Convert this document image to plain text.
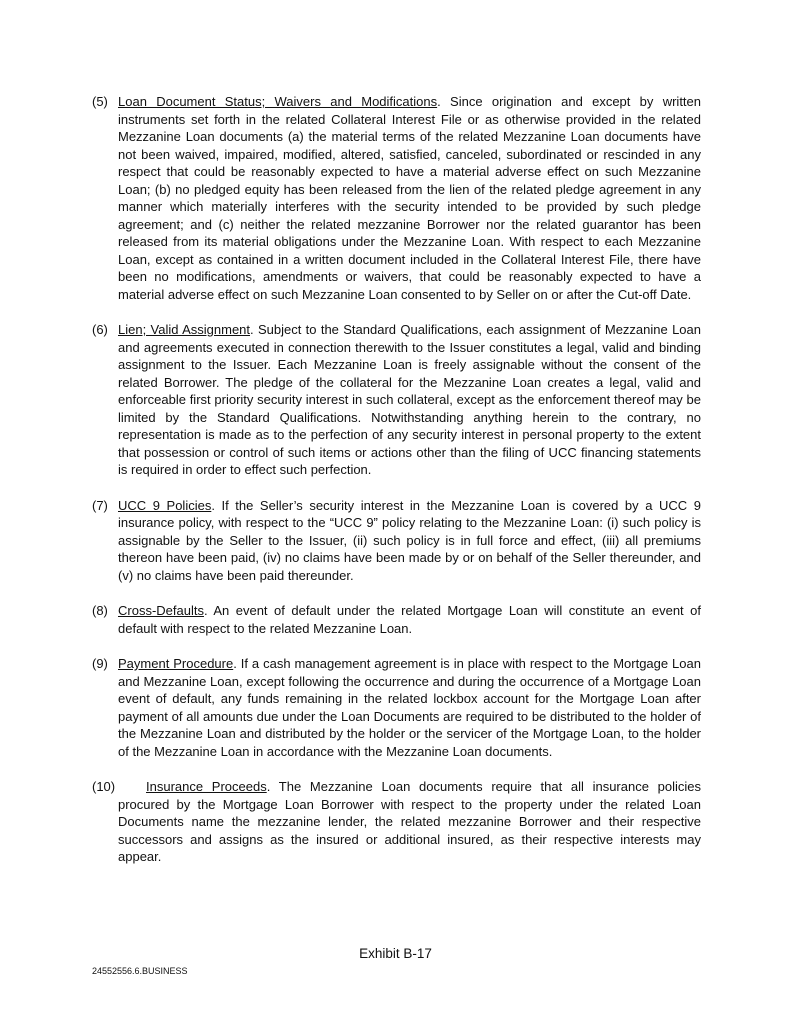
(5) Loan Document Status; Waivers and Modifications. Since origination and except by written instruments set forth in the related Collateral Interest File or as otherwise provided in the related Mezzanine Loan documents (a) the material terms of the related Mezzanine Loan documents have not been waived, impaired, modified, altered, satisfied, canceled, subordinated or rescinded in any respect that could be reasonably expected to have a material adverse effect on such Mezzanine Loan; (b) no pledged equity has been released from the lien of the related pledge agreement in any manner which materially interferes with the security intended to be provided by such pledge agreement; and (c) neither the related mezzanine Borrower nor the related guarantor has been released from its material obligations under the Mezzanine Loan. With respect to each Mezzanine Loan, except as contained in a written document included in the Collateral Interest File, there have been no modifications, amendments or waivers, that could be reasonably expected to have a material adverse effect on such Mezzanine Loan consented to by Seller on or after the Cut-off Date.
(6) Lien; Valid Assignment. Subject to the Standard Qualifications, each assignment of Mezzanine Loan and agreements executed in connection therewith to the Issuer constitutes a legal, valid and binding assignment to the Issuer. Each Mezzanine Loan is freely assignable without the consent of the related Borrower. The pledge of the collateral for the Mezzanine Loan creates a legal, valid and enforceable first priority security interest in such collateral, except as the enforcement thereof may be limited by the Standard Qualifications. Notwithstanding anything herein to the contrary, no representation is made as to the perfection of any security interest in personal property to the extent that possession or control of such items or actions other than the filing of UCC financing statements is required in order to effect such perfection.
(7) UCC 9 Policies. If the Seller’s security interest in the Mezzanine Loan is covered by a UCC 9 insurance policy, with respect to the “UCC 9” policy relating to the Mezzanine Loan: (i) such policy is assignable by the Seller to the Issuer, (ii) such policy is in full force and effect, (iii) all premiums thereon have been paid, (iv) no claims have been made by or on behalf of the Seller thereunder, and (v) no claims have been paid thereunder.
(8) Cross-Defaults. An event of default under the related Mortgage Loan will constitute an event of default with respect to the related Mezzanine Loan.
(9) Payment Procedure. If a cash management agreement is in place with respect to the Mortgage Loan and Mezzanine Loan, except following the occurrence and during the occurrence of a Mortgage Loan event of default, any funds remaining in the related lockbox account for the Mortgage Loan after payment of all amounts due under the Loan Documents are required to be distributed to the holder of the Mezzanine Loan and distributed by the holder or the servicer of the Mortgage Loan, to the holder of the Mezzanine Loan in accordance with the Mezzanine Loan documents.
(10) Insurance Proceeds. The Mezzanine Loan documents require that all insurance policies procured by the Mortgage Loan Borrower with respect to the property under the related Loan Documents name the mezzanine lender, the related mezzanine Borrower and their respective successors and assigns as the insured or additional insured, as their respective interests may appear.
Exhibit B-17
24552556.6.BUSINESS
